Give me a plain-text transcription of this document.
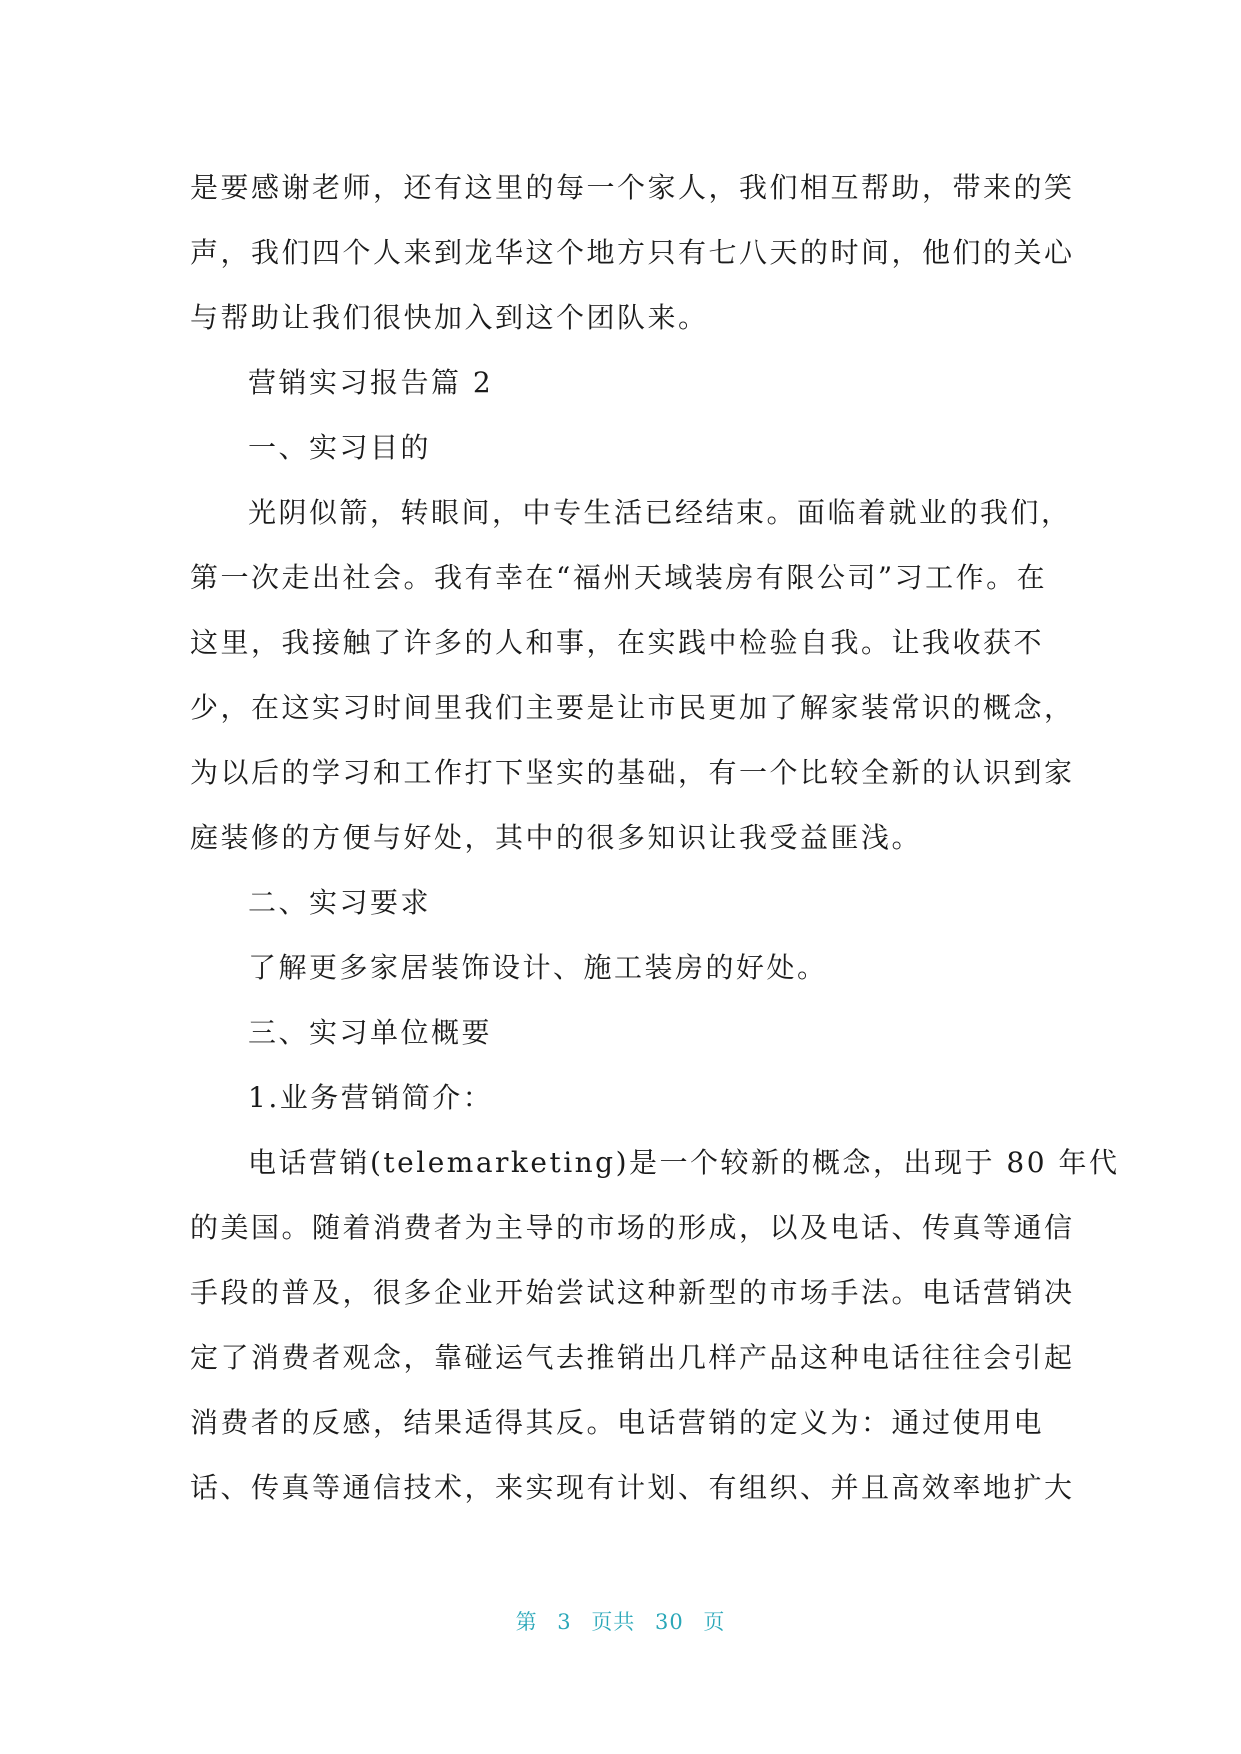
是要感谢老师，还有这里的每一个家人，我们相互帮助，带来的笑
声，我们四个人来到龙华这个地方只有七八天的时间，他们的关心
与帮助让我们很快加入到这个团队来。
营销实习报告篇 2
一、实习目的
光阴似箭，转眼间，中专生活已经结束。面临着就业的我们，
第一次走出社会。我有幸在“福州天域装房有限公司”习工作。在
这里，我接触了许多的人和事，在实践中检验自我。让我收获不
少，在这实习时间里我们主要是让市民更加了解家装常识的概念，
为以后的学习和工作打下坚实的基础，有一个比较全新的认识到家
庭装修的方便与好处，其中的很多知识让我受益匪浅。
二、实习要求
了解更多家居装饰设计、施工装房的好处。
三、实习单位概要
1.业务营销简介：
电话营销(telemarketing)是一个较新的概念，出现于 80 年代
的美国。随着消费者为主导的市场的形成，以及电话、传真等通信
手段的普及，很多企业开始尝试这种新型的市场手法。电话营销决
定了消费者观念，靠碰运气去推销出几样产品这种电话往往会引起
消费者的反感，结果适得其反。电话营销的定义为：通过使用电
话、传真等通信技术，来实现有计划、有组织、并且高效率地扩大
第 3 页共 30 页
